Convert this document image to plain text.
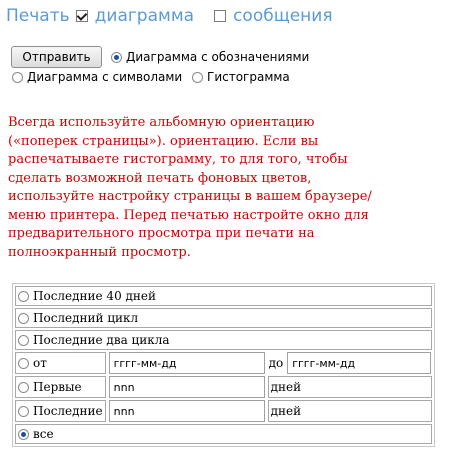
Печать диаграмма сообщения
Отправить	Диаграмма с обозначениями
Диаграмма с символами Гистограмма

Всегда используйте альбомную ориентацию («поперек страницы»). ориентацию. Если вы распечатываете гистограмму, то для того, чтобы сделать возможной печать фоновых цветов, используйте настройку страницы в вашем браузере/меню принтера. Перед печатью настройте окно для предварительного просмотра при печати на полноэкранный просмотр.

Последние 40 дней			

Последний цикл			

Последние два цикла			

от	гггг-мм-дд	до	гггг-мм-дд

Первые	nnn	дней	

Последние	nnn	дней	

все			
